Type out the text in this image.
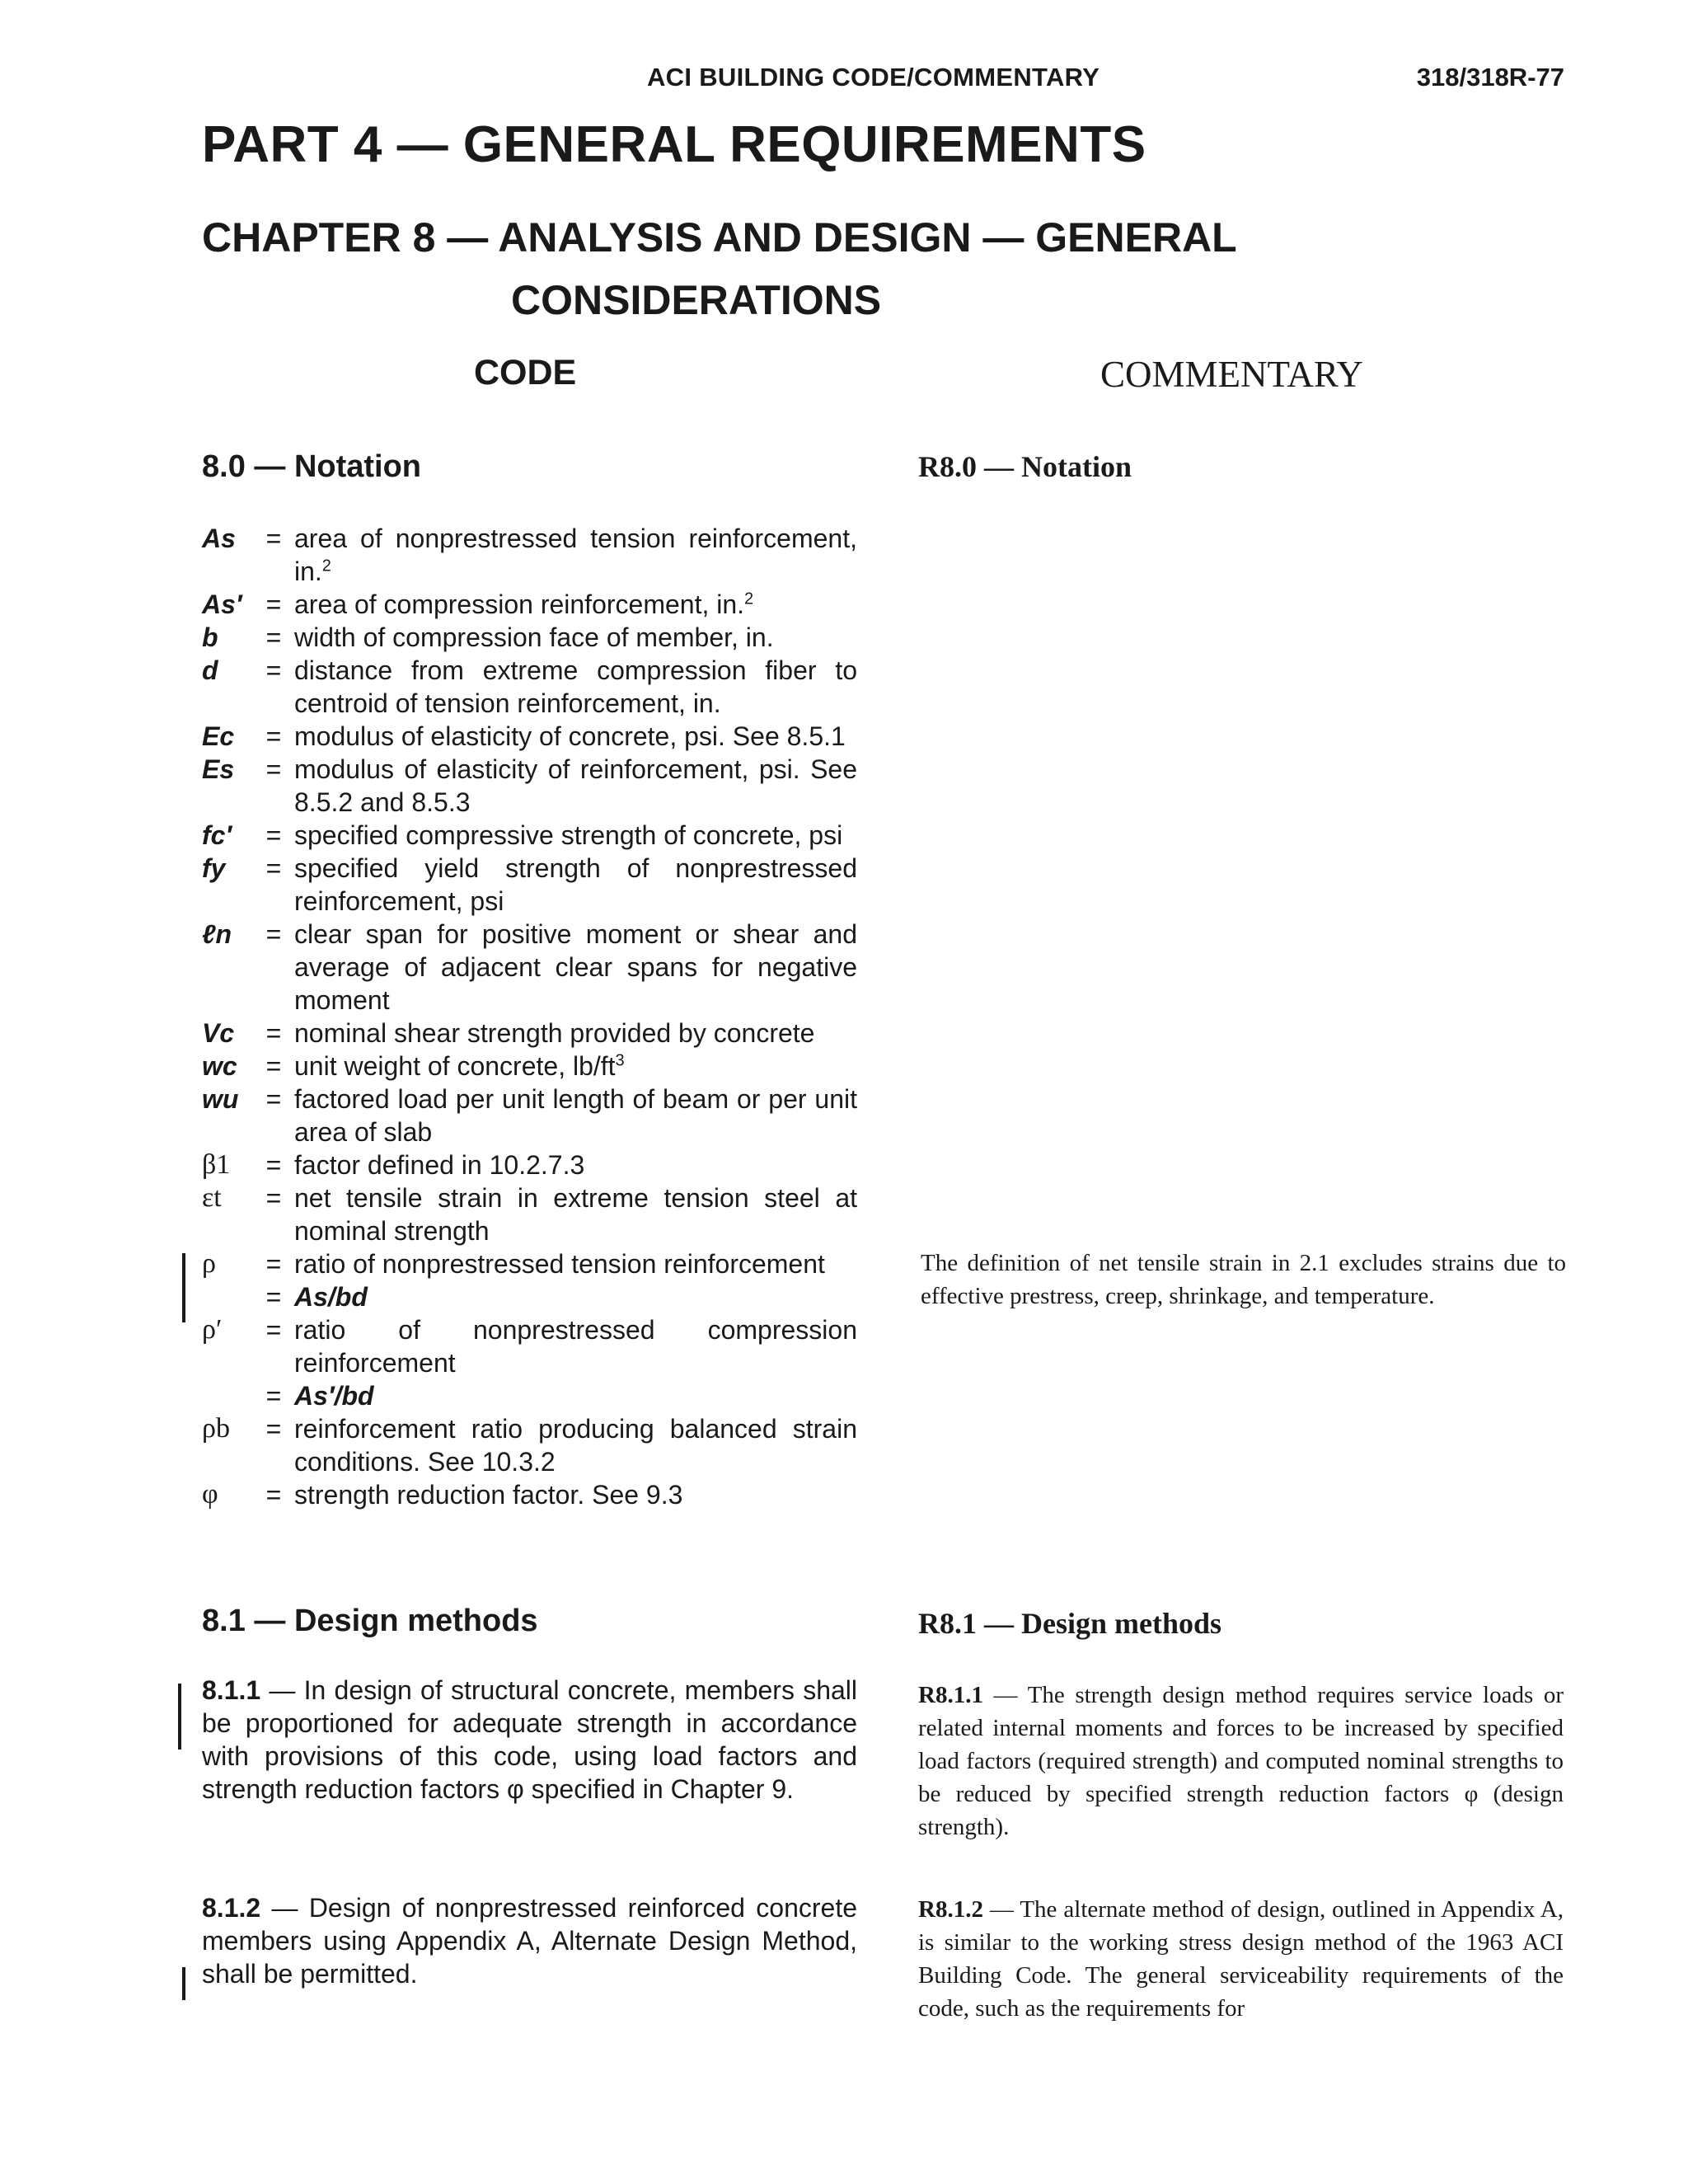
ACI BUILDING CODE/COMMENTARY	318/318R-77
PART 4 — GENERAL REQUIREMENTS
CHAPTER 8 — ANALYSIS AND DESIGN — GENERAL
CONSIDERATIONS
CODE	COMMENTARY
8.0 — Notation	R8.0 — Notation
As	= area of nonprestressed tension reinforcement, in.$^2$
As′ = area of compression reinforcement, in.$^2$
b	= width of compression face of member, in.
d	= distance from extreme compression fiber to centroid of tension reinforcement, in.
Ec	= modulus of elasticity of concrete, psi. See 8.5.1
Es	= modulus of elasticity of reinforcement, psi. See 8.5.2 and 8.5.3
fc′	= specified compressive strength of concrete, psi
fy	= specified yield strength of nonprestressed reinforcement, psi
ℓn	= clear span for positive moment or shear and average of adjacent clear spans for negative moment
Vc	= nominal shear strength provided by concrete
wc	= unit weight of concrete, $lb/ft^3$
wu	= factored load per unit length of beam or per unit area of slab
β1	= factor defined in 10.2.7.3
εt	= net tensile strain in extreme tension steel at nominal strength
ρ	= ratio of nonprestressed tension reinforcement
= As/bd
ρ′	= ratio of nonprestressed compression reinforcement
= As′/bd
ρb	= reinforcement ratio producing balanced strain conditions. See 10.3.2
φ	= strength reduction factor. See 9.3
The definition of net tensile strain in 2.1 excludes strains due to effective prestress, creep, shrinkage, and temperature.
8.1 — Design methods	R8.1 — Design methods
8.1.1 — In design of structural concrete, members shall be proportioned for adequate strength in accordance with provisions of this code, using load factors and strength reduction factors φ specified in Chapter 9.
R8.1.1 — The strength design method requires service loads or related internal moments and forces to be increased by specified load factors (required strength) and computed nominal strengths to be reduced by specified strength reduction factors φ (design strength).
8.1.2 — Design of nonprestressed reinforced concrete members using Appendix A, Alternate Design Method, shall be permitted.
R8.1.2 — The alternate method of design, outlined in Appendix A, is similar to the working stress design method of the 1963 ACI Building Code. The general serviceability requirements of the code, such as the requirements for
